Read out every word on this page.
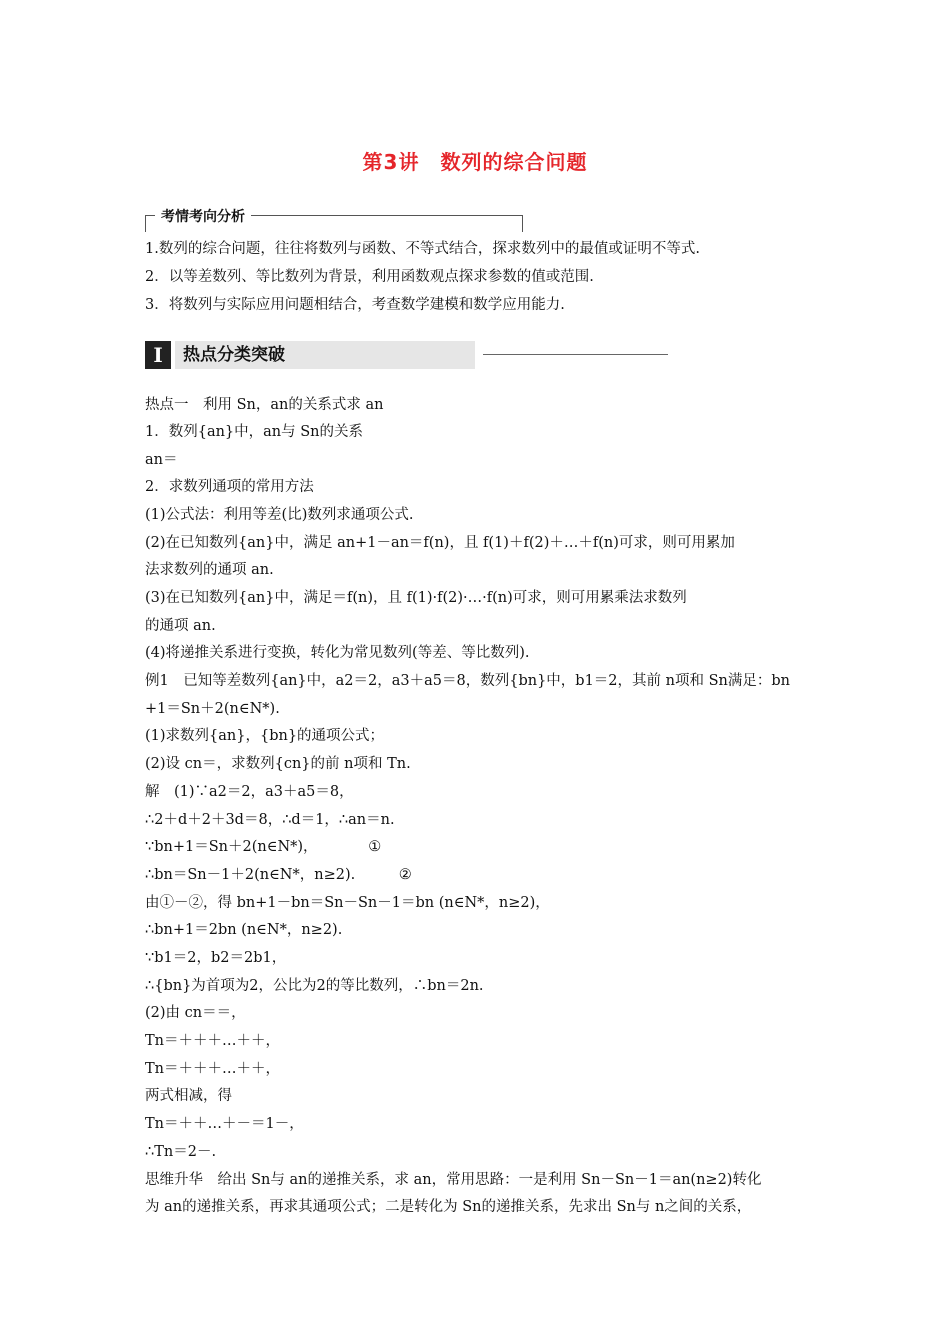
第3讲　数列的综合问题
考情考向分析
1.数列的综合问题，往往将数列与函数、不等式结合，探求数列中的最值或证明不等式.
2．以等差数列、等比数列为背景，利用函数观点探求参数的值或范围.
3．将数列与实际应用问题相结合，考查数学建模和数学应用能力.
I	热点分类突破
热点一　利用 Sn，an的关系式求 an
1．数列{an}中，an与 Sn的关系
an＝
2．求数列通项的常用方法
(1)公式法：利用等差(比)数列求通项公式.
(2)在已知数列{an}中，满足 an+1－an＝f(n)，且 f(1)＋f(2)＋…＋f(n)可求，则可用累加
法求数列的通项 an.
(3)在已知数列{an}中，满足＝f(n)，且 f(1)·f(2)·…·f(n)可求，则可用累乘法求数列
的通项 an.
(4)将递推关系进行变换，转化为常见数列(等差、等比数列).
例1　已知等差数列{an}中，a2＝2，a3＋a5＝8，数列{bn}中，b1＝2，其前 n项和 Sn满足：bn
+1＝Sn＋2(n∈N*).
(1)求数列{an}，{bn}的通项公式；
(2)设 cn＝，求数列{cn}的前 n项和 Tn.
解　(1)∵a2＝2，a3＋a5＝8，
∴2＋d＋2＋3d＝8，∴d＝1，∴an＝n.
∵bn+1＝Sn＋2(n∈N*)，　　　　①
∴bn＝Sn－1＋2(n∈N*，n≥2).　　　②
由①－②，得 bn+1－bn＝Sn－Sn－1＝bn (n∈N*，n≥2)，
∴bn+1＝2bn (n∈N*，n≥2).
∵b1＝2，b2＝2b1，
∴{bn}为首项为2，公比为2的等比数列，∴bn＝2n.
(2)由 cn＝＝，
Tn＝＋＋＋…＋＋，
Tn＝＋＋＋…＋＋，
两式相减，得
Tn＝＋＋…＋－＝1－，
∴Tn＝2－.
思维升华　给出 Sn与 an的递推关系，求 an，常用思路：一是利用 Sn－Sn－1＝an(n≥2)转化
为 an的递推关系，再求其通项公式；二是转化为 Sn的递推关系，先求出 Sn与 n之间的关系，
